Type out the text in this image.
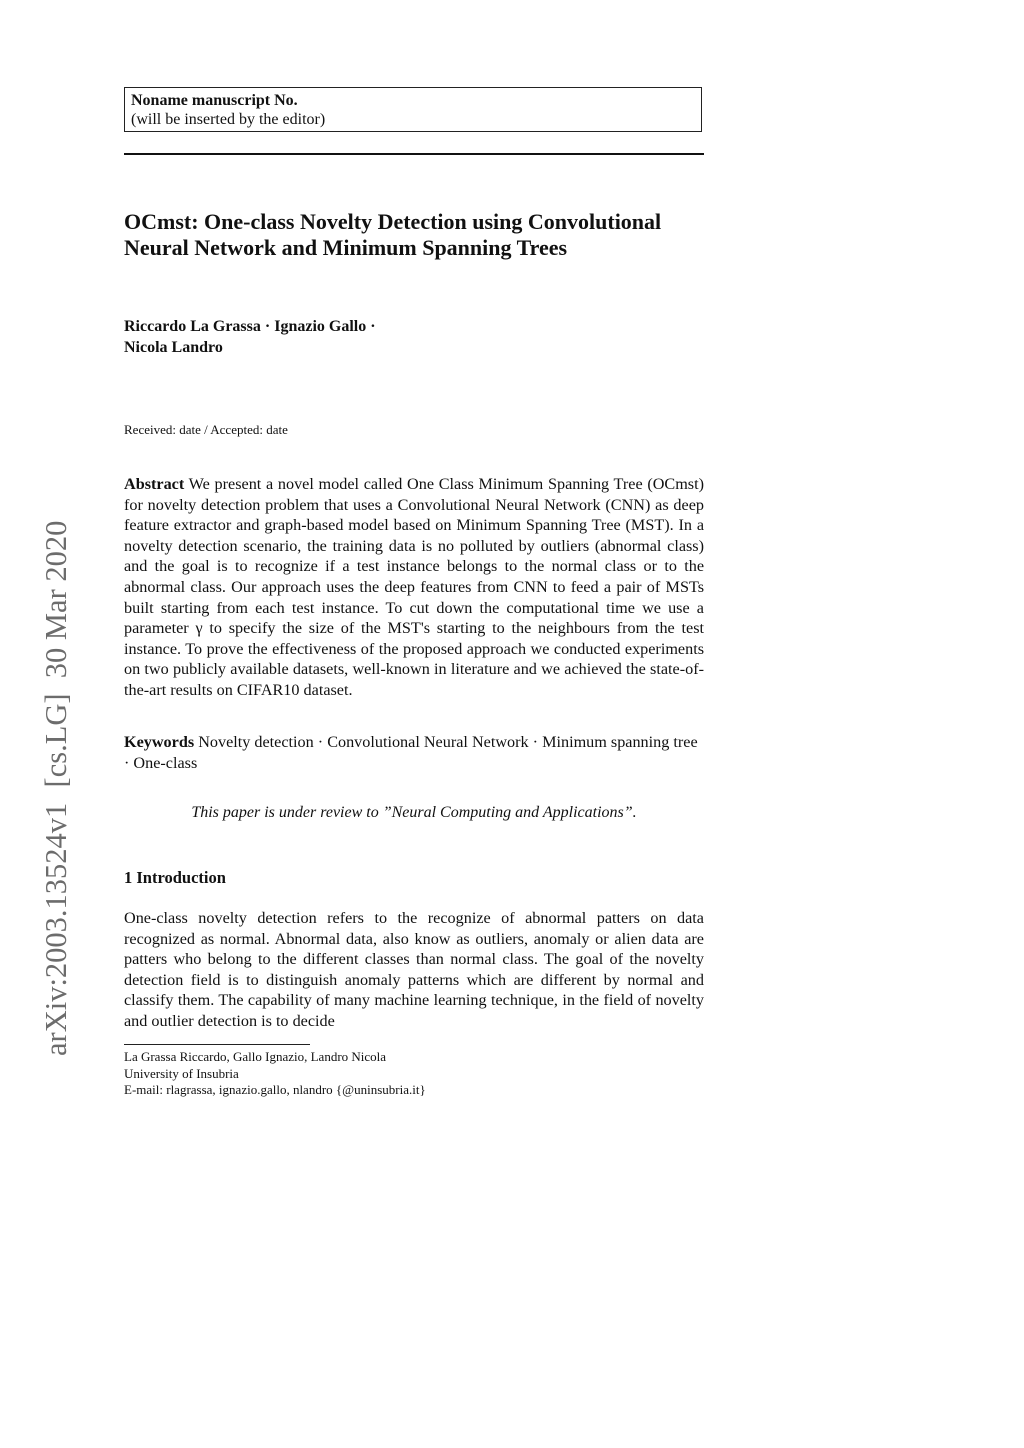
Noname manuscript No.
(will be inserted by the editor)
OCmst: One-class Novelty Detection using Convolutional Neural Network and Minimum Spanning Trees
Riccardo La Grassa · Ignazio Gallo ·
Nicola Landro
Received: date / Accepted: date

Abstract We present a novel model called One Class Minimum Spanning Tree (OCmst) for novelty detection problem that uses a Convolutional Neural Network (CNN) as deep feature extractor and graph-based model based on Minimum Spanning Tree (MST). In a novelty detection scenario, the training data is no polluted by outliers (abnormal class) and the goal is to recognize if a test instance belongs to the normal class or to the abnormal class. Our approach uses the deep features from CNN to feed a pair of MSTs built starting from each test instance. To cut down the computational time we use a parameter γ to specify the size of the MST's starting to the neighbours from the test instance. To prove the effectiveness of the proposed approach we conducted experiments on two publicly available datasets, well-known in literature and we achieved the state-of-the-art results on CIFAR10 dataset.

Keywords Novelty detection · Convolutional Neural Network · Minimum spanning tree · One-class

This paper is under review to ”Neural Computing and Applications”.
1 Introduction

One-class novelty detection refers to the recognize of abnormal patters on data recognized as normal. Abnormal data, also know as outliers, anomaly or alien data are patters who belong to the different classes than normal class. The goal of the novelty detection field is to distinguish anomaly patterns which are different by normal and classify them. The capability of many machine learning technique, in the field of novelty and outlier detection is to decide

La Grassa Riccardo, Gallo Ignazio, Landro Nicola
University of Insubria
E-mail: rlagrassa, ignazio.gallo, nlandro {@uninsubria.it}
arXiv:2003.13524v1  [cs.LG]  30 Mar 2020
